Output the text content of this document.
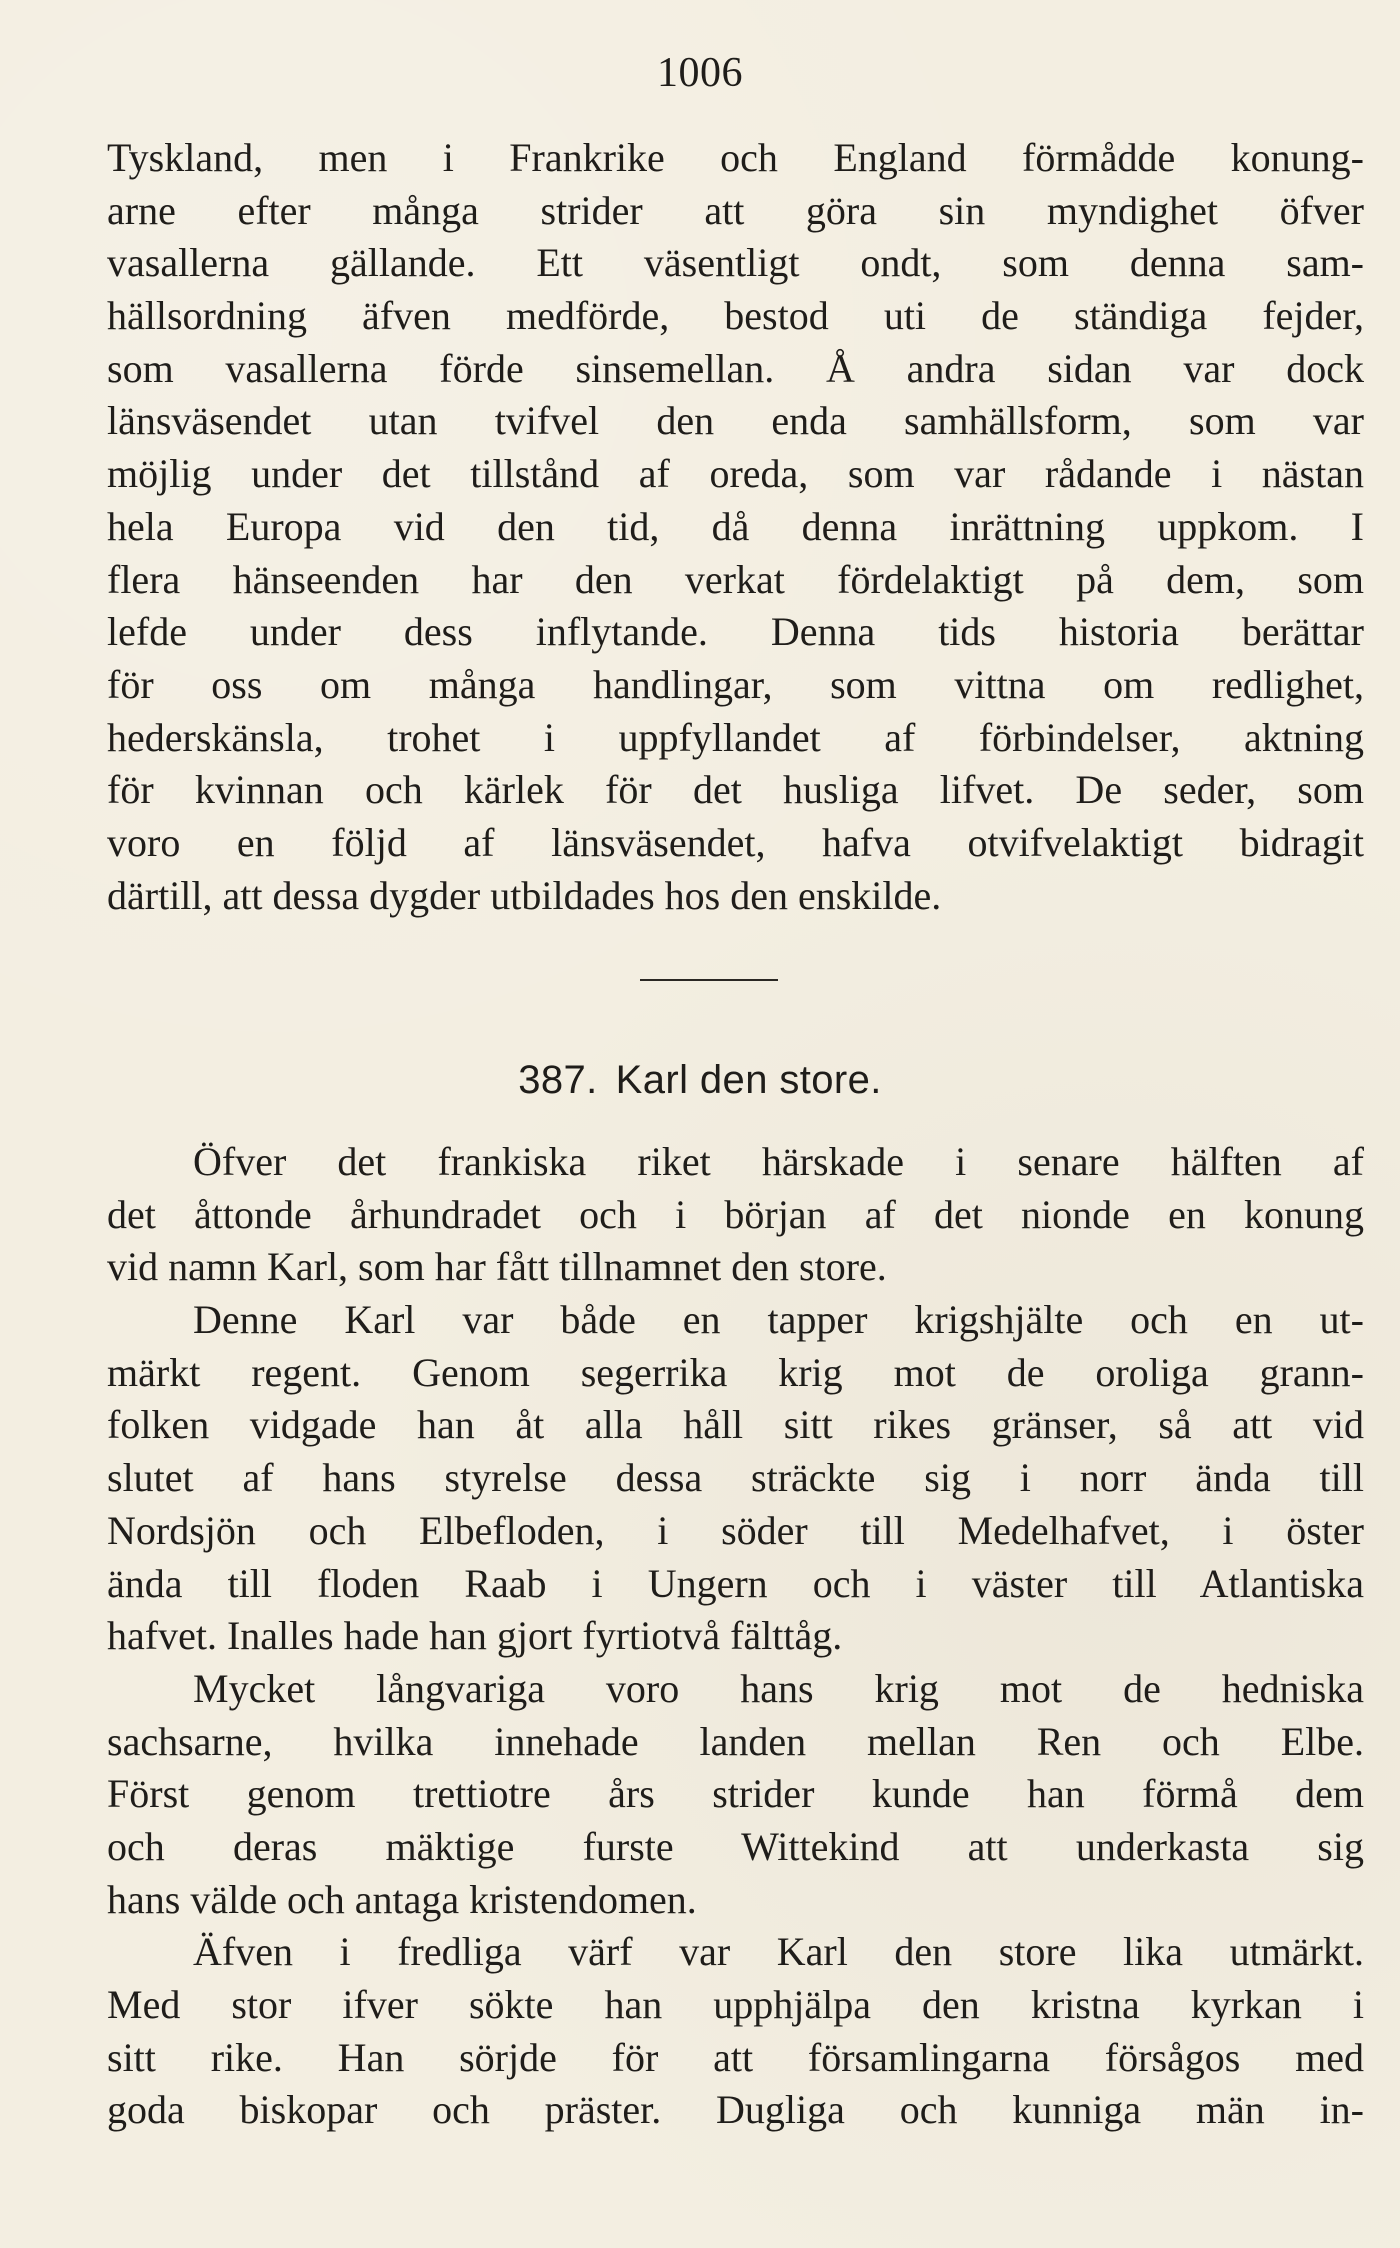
1006
Tyskland, men i Frankrike och England förmådde konung-
arne efter många strider att göra sin myndighet öfver
vasallerna gällande. Ett väsentligt ondt, som denna sam-
hällsordning äfven medförde, bestod uti de ständiga fejder,
som vasallerna förde sinsemellan. Å andra sidan var dock
länsväsendet utan tvifvel den enda samhällsform, som var
möjlig under det tillstånd af oreda, som var rådande i nästan
hela Europa vid den tid, då denna inrättning uppkom. I
flera hänseenden har den verkat fördelaktigt på dem, som
lefde under dess inflytande. Denna tids historia berättar
för oss om många handlingar, som vittna om redlighet,
hederskänsla, trohet i uppfyllandet af förbindelser, aktning
för kvinnan och kärlek för det husliga lifvet. De seder, som
voro en följd af länsväsendet, hafva otvifvelaktigt bidragit
därtill, att dessa dygder utbildades hos den enskilde.
387. Karl den store.
Öfver det frankiska riket härskade i senare hälften af
det åttonde århundradet och i början af det nionde en konung
vid namn Karl, som har fått tillnamnet den store.
Denne Karl var både en tapper krigshjälte och en ut-
märkt regent. Genom segerrika krig mot de oroliga grann-
folken vidgade han åt alla håll sitt rikes gränser, så att vid
slutet af hans styrelse dessa sträckte sig i norr ända till
Nordsjön och Elbefloden, i söder till Medelhafvet, i öster
ända till floden Raab i Ungern och i väster till Atlantiska
hafvet. Inalles hade han gjort fyrtiotvå fälttåg.
Mycket långvariga voro hans krig mot de hedniska
sachsarne, hvilka innehade landen mellan Ren och Elbe.
Först genom trettiotre års strider kunde han förmå dem
och deras mäktige furste Wittekind att underkasta sig
hans välde och antaga kristendomen.
Äfven i fredliga värf var Karl den store lika utmärkt.
Med stor ifver sökte han upphjälpa den kristna kyrkan i
sitt rike. Han sörjde för att församlingarna försågos med
goda biskopar och präster. Dugliga och kunniga män in-
